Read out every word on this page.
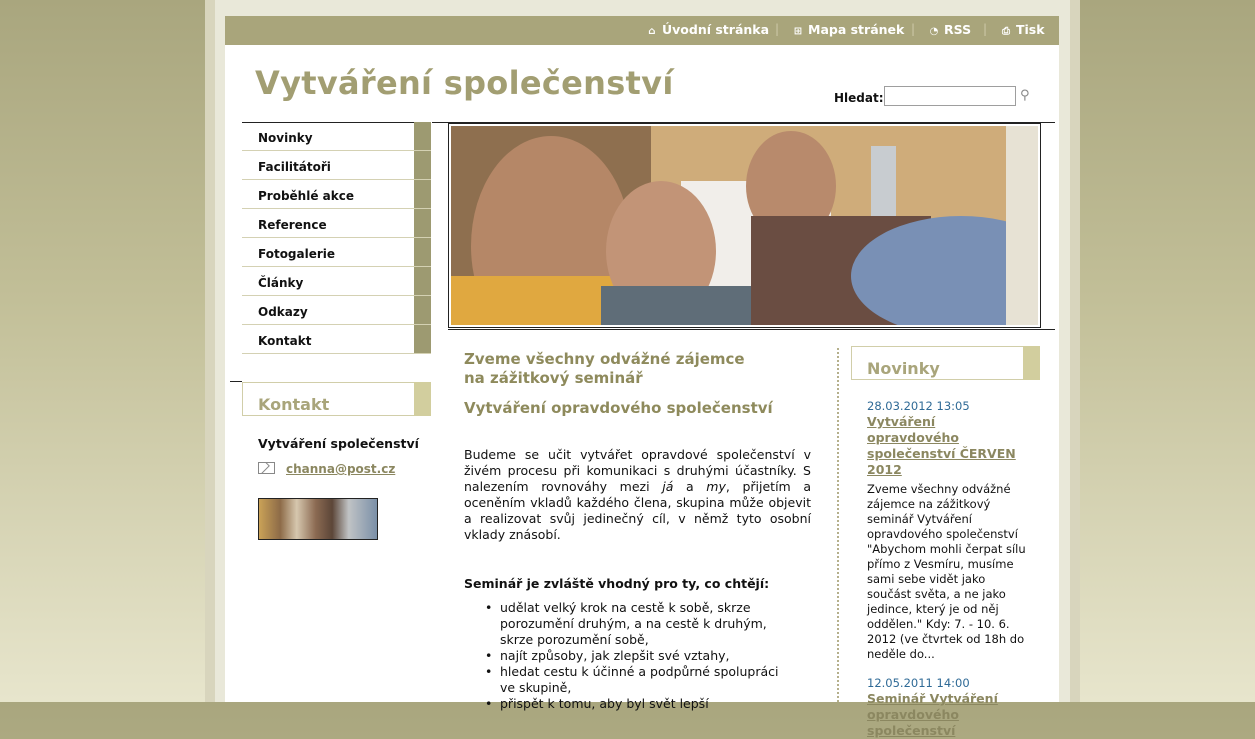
⌂ Úvodní stránka | ⊞ Mapa stránek | ◔ RSS | ⎙ Tisk
Vytváření společenství	Hledat:	⚲
Novinky
Facilitátoři
Proběhlé akce
Reference
Fotogalerie
Články
Odkazy
Kontakt
Kontakt
Vytváření společenství
channa@post.cz
Zveme všechny odvážné zájemce na zážitkový seminář
Vytváření opravdového společenství

Budeme se učit vytvářet opravdové společenství v živém procesu při komunikaci s druhými účastníky. S nalezením rovnováhy mezi já a my, přijetím a oceněním vkladů každého člena, skupina může objevit a realizovat svůj jedinečný cíl, v němž tyto osobní vklady znásobí.

Seminář je zvláště vhodný pro ty, co chtějí:
• udělat velký krok na cestě k sobě, skrze porozumění druhým, a na cestě k druhým, skrze porozumění sobě,
• najít způsoby, jak zlepšit své vztahy,
• hledat cestu k účinné a podpůrné spolupráci ve skupině,
• přispět k tomu, aby byl svět lepší
Novinky

28.03.2012 13:05

Vytváření opravdového společenství ČERVEN 2012
Zveme všechny odvážné zájemce na zážitkový seminář Vytváření opravdového společenství "Abychom mohli čerpat sílu přímo z Vesmíru, musíme sami sebe vidět jako součást světa, a ne jako jedince, který je od něj oddělen." Kdy: 7. - 10. 6. 2012 (ve čtvrtek od 18h do neděle do...

12.05.2011 14:00

Seminář Vytváření opravdového společenství
